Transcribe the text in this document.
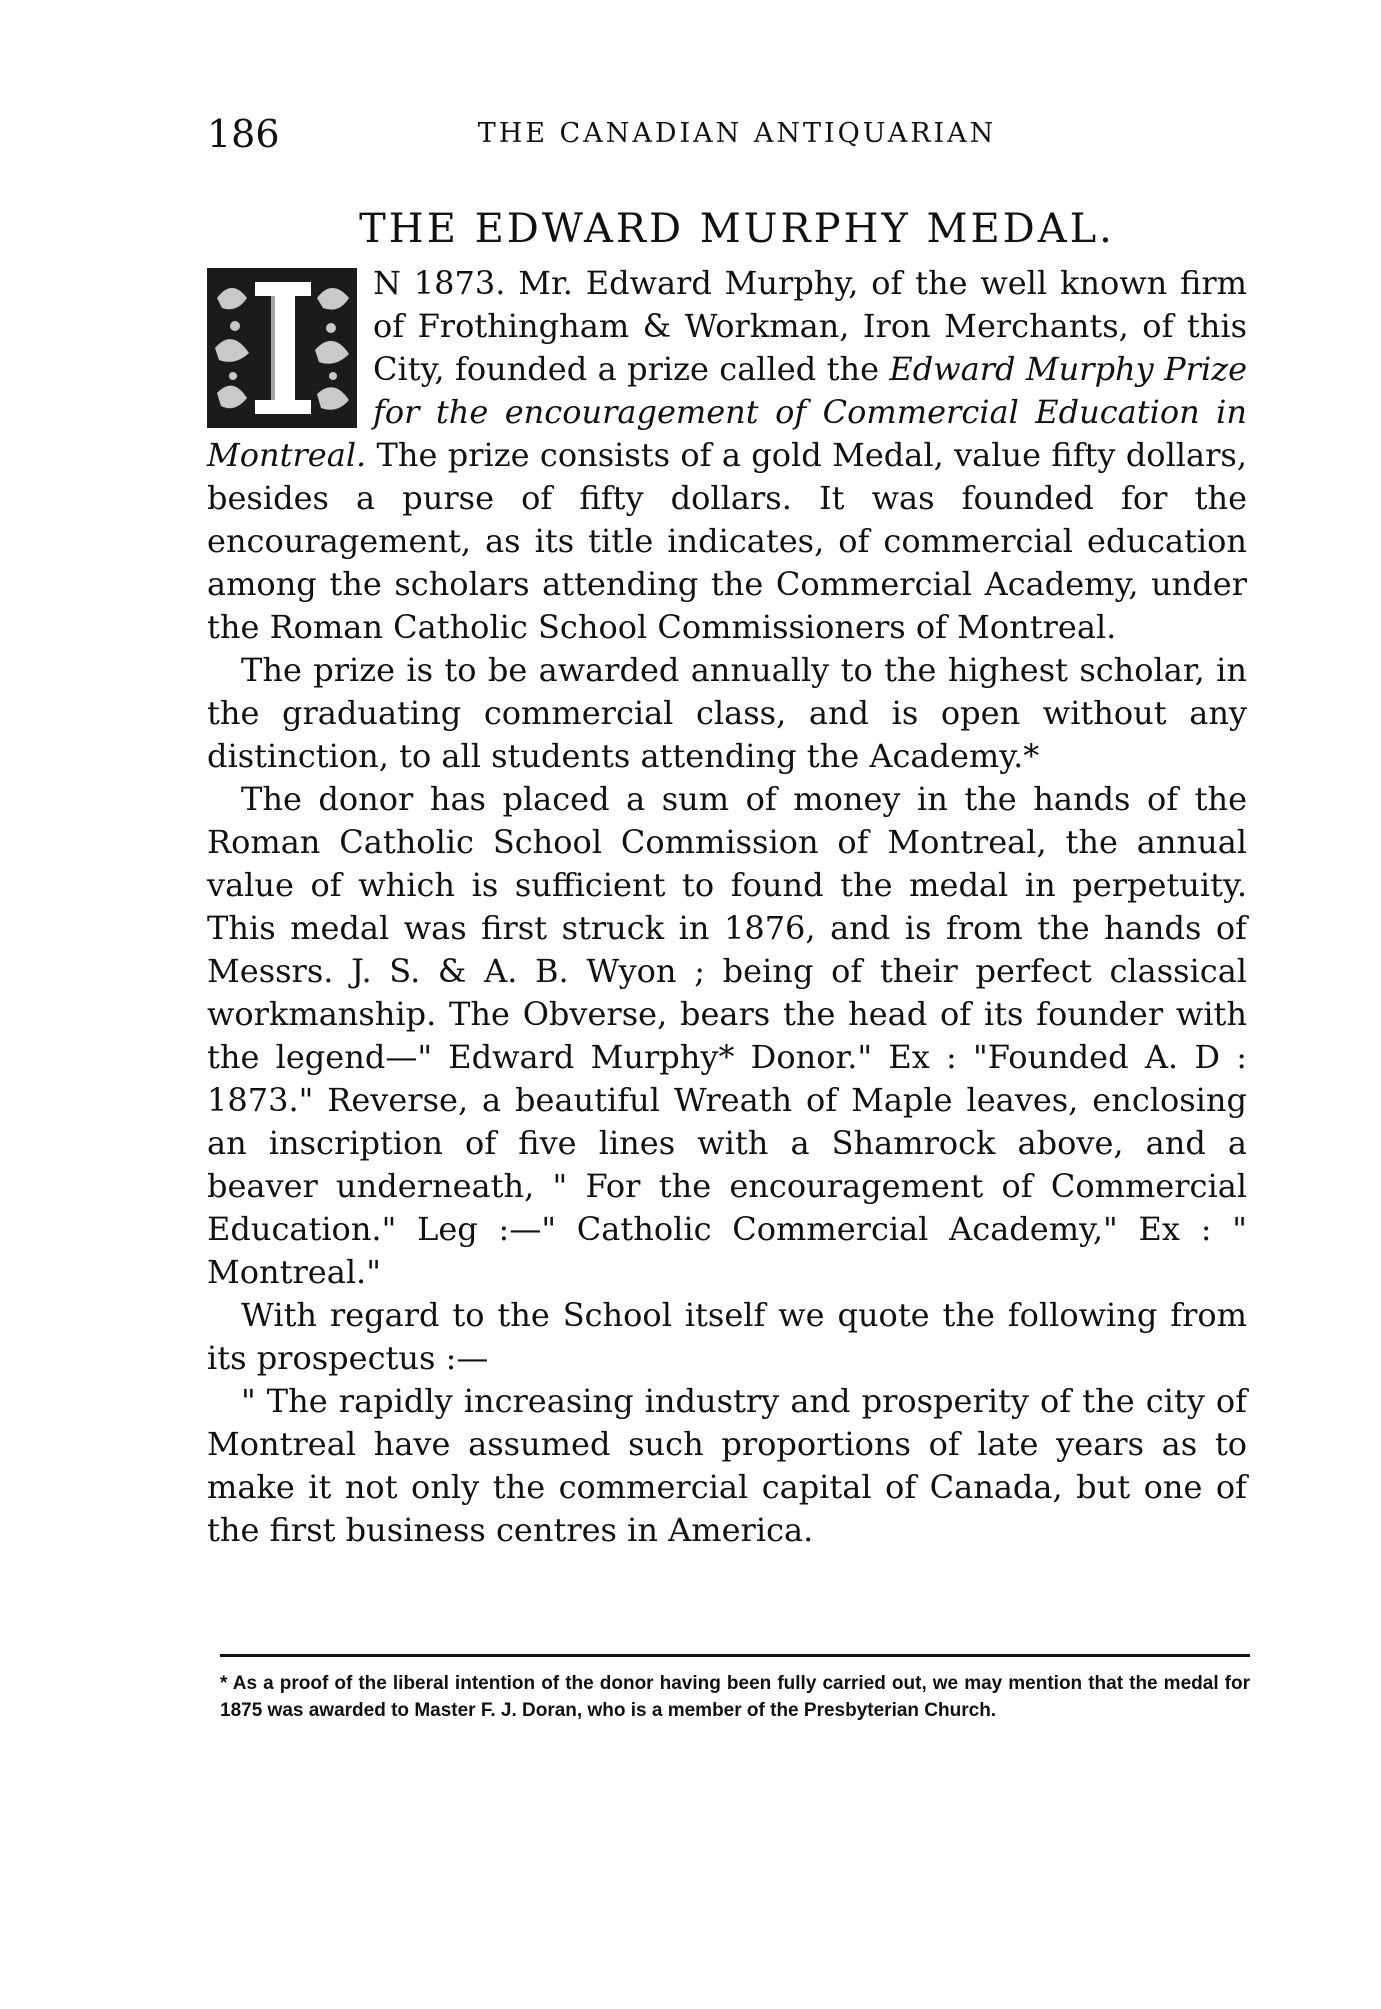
186	THE CANADIAN ANTIQUARIAN
THE EDWARD MURPHY MEDAL.

N 1873. Mr. Edward Murphy, of the well known firm of Frothingham & Workman, Iron Merchants, of this City, founded a prize called the Edward Murphy Prize for the encouragement of Commercial Education in Montreal. The prize consists of a gold Medal, value fifty dollars, besides a purse of fifty dollars. It was founded for the encouragement, as its title indicates, of commercial education among the scholars attending the Commercial Academy, under the Roman Catholic School Commissioners of Montreal.

The prize is to be awarded annually to the highest scholar, in the graduating commercial class, and is open without any distinction, to all students attending the Academy.*

The donor has placed a sum of money in the hands of the Roman Catholic School Commission of Montreal, the annual value of which is sufficient to found the medal in perpetuity. This medal was first struck in 1876, and is from the hands of Messrs. J. S. & A. B. Wyon ; being of their perfect classical workmanship. The Obverse, bears the head of its founder with the legend—" Edward Murphy* Donor." Ex : "Founded A. D : 1873." Reverse, a beautiful Wreath of Maple leaves, enclosing an inscription of five lines with a Shamrock above, and a beaver underneath, " For the encouragement of Commercial Education." Leg :—" Catholic Commercial Academy," Ex : " Montreal."

With regard to the School itself we quote the following from its prospectus :—

" The rapidly increasing industry and prosperity of the city of Montreal have assumed such proportions of late years as to make it not only the commercial capital of Canada, but one of the first business centres in America.

* As a proof of the liberal intention of the donor having been fully carried out, we may mention that the medal for 1875 was awarded to Master F. J. Doran, who is a member of the Presbyterian Church.
